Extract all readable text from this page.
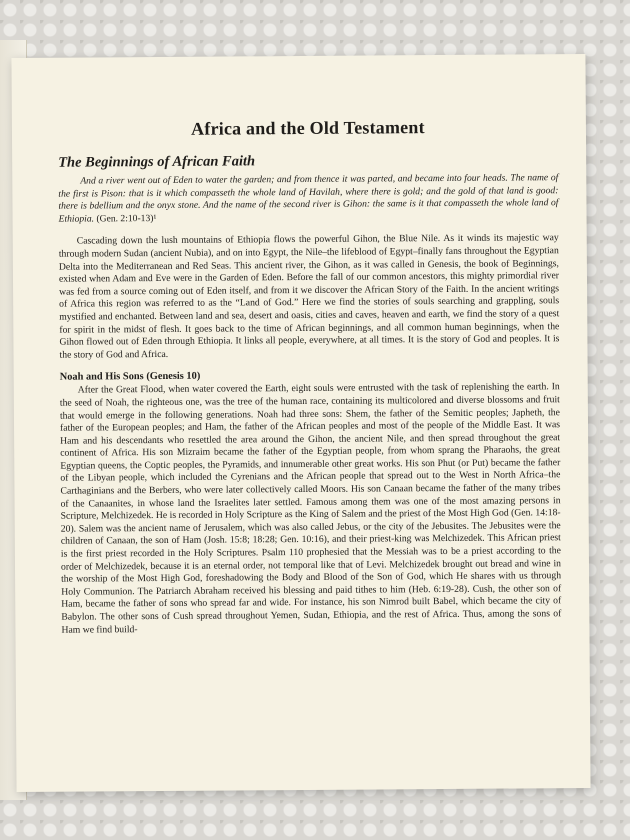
Africa and the Old Testament
The Beginnings of African Faith

And a river went out of Eden to water the garden; and from thence it was parted, and became into four heads. The name of the first is Pison: that is it which compasseth the whole land of Havilah, where there is gold; and the gold of that land is good: there is bdellium and the onyx stone. And the name of the second river is Gihon: the same is it that compasseth the whole land of Ethiopia. (Gen. 2:10-13)¹

Cascading down the lush mountains of Ethiopia flows the powerful Gihon, the Blue Nile. As it winds its majestic way through modern Sudan (ancient Nubia), and on into Egypt, the Nile–the lifeblood of Egypt–finally fans throughout the Egyptian Delta into the Mediterranean and Red Seas. This ancient river, the Gihon, as it was called in Genesis, the book of Beginnings, existed when Adam and Eve were in the Garden of Eden. Before the fall of our common ancestors, this mighty primordial river was fed from a source coming out of Eden itself, and from it we discover the African Story of the Faith. In the ancient writings of Africa this region was referred to as the “Land of God.” Here we find the stories of souls searching and grappling, souls mystified and enchanted. Between land and sea, desert and oasis, cities and caves, heaven and earth, we find the story of a quest for spirit in the midst of flesh. It goes back to the time of African beginnings, and all common human beginnings, when the Gihon flowed out of Eden through Ethiopia. It links all people, everywhere, at all times. It is the story of God and peoples. It is the story of God and Africa.

Noah and His Sons (Genesis 10)

After the Great Flood, when water covered the Earth, eight souls were entrusted with the task of replenishing the earth. In the seed of Noah, the righteous one, was the tree of the human race, containing its multicolored and diverse blossoms and fruit that would emerge in the following generations. Noah had three sons: Shem, the father of the Semitic peoples; Japheth, the father of the European peoples; and Ham, the father of the African peoples and most of the people of the Middle East. It was Ham and his descendants who resettled the area around the Gihon, the ancient Nile, and then spread throughout the great continent of Africa. His son Mizraim became the father of the Egyptian people, from whom sprang the Pharaohs, the great Egyptian queens, the Coptic peoples, the Pyramids, and innumerable other great works. His son Phut (or Put) became the father of the Libyan people, which included the Cyrenians and the African people that spread out to the West in North Africa–the Carthaginians and the Berbers, who were later collectively called Moors. His son Canaan became the father of the many tribes of the Canaanites, in whose land the Israelites later settled. Famous among them was one of the most amazing persons in Scripture, Melchizedek. He is recorded in Holy Scripture as the King of Salem and the priest of the Most High God (Gen. 14:18-20). Salem was the ancient name of Jerusalem, which was also called Jebus, or the city of the Jebusites. The Jebusites were the children of Canaan, the son of Ham (Josh. 15:8; 18:28; Gen. 10:16), and their priest-king was Melchizedek. This African priest is the first priest recorded in the Holy Scriptures. Psalm 110 prophesied that the Messiah was to be a priest according to the order of Melchizedek, because it is an eternal order, not temporal like that of Levi. Melchizedek brought out bread and wine in the worship of the Most High God, foreshadowing the Body and Blood of the Son of God, which He shares with us through Holy Communion. The Patriarch Abraham received his blessing and paid tithes to him (Heb. 6:19-28). Cush, the other son of Ham, became the father of sons who spread far and wide. For instance, his son Nimrod built Babel, which became the city of Babylon. The other sons of Cush spread throughout Yemen, Sudan, Ethiopia, and the rest of Africa. Thus, among the sons of Ham we find build-
